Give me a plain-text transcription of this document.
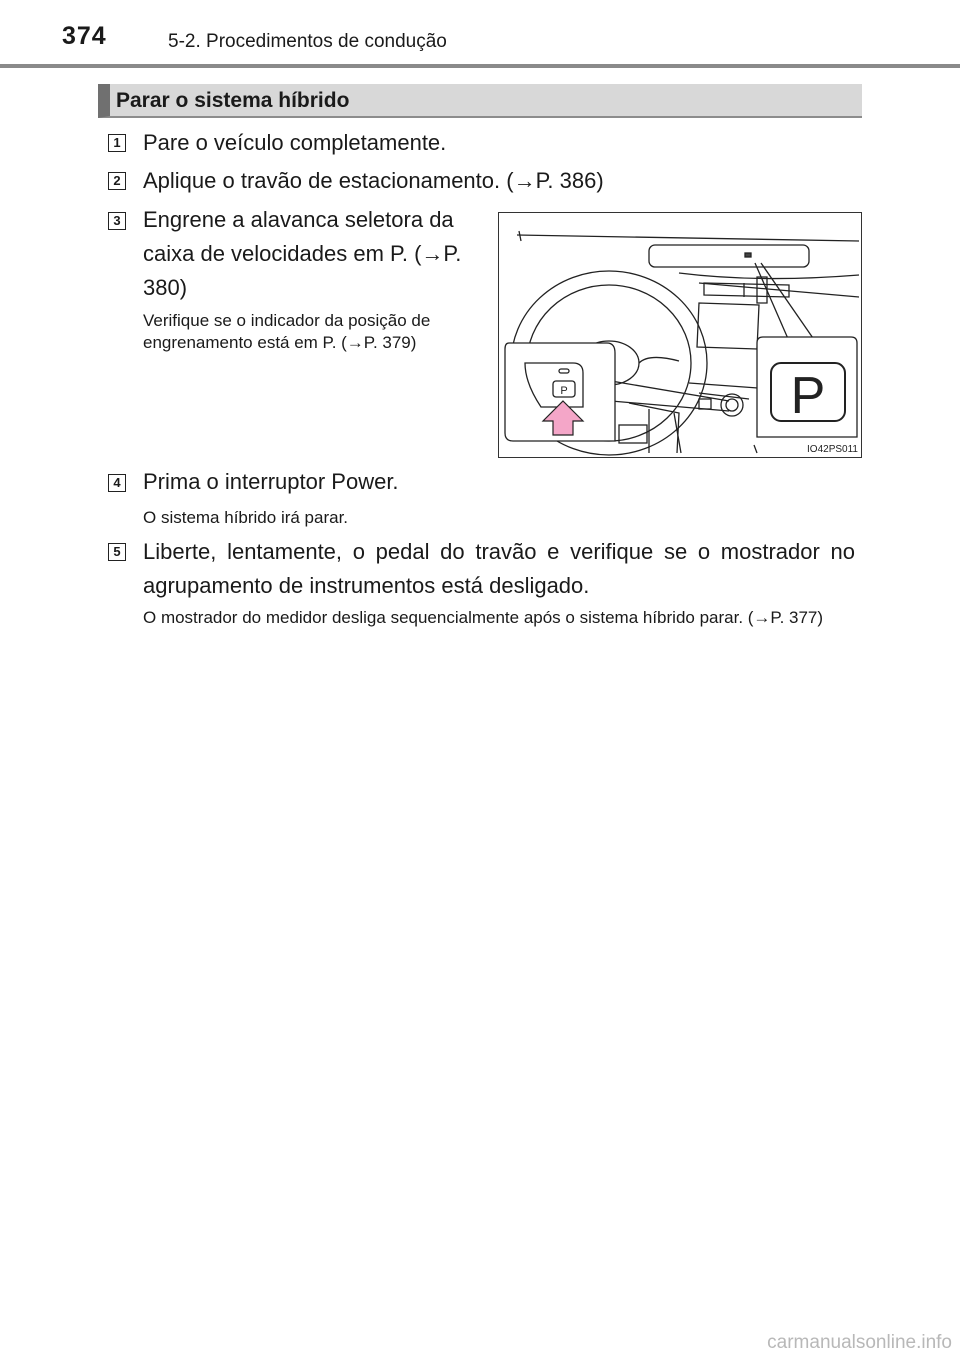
374	5-2. Procedimentos de condução
Parar o sistema híbrido
1 Pare o veículo completamente.
2 Aplique o travão de estacionamento. (→P. 386)
3 Engrene a alavanca seletora da caixa de velocidades em P. (→P. 380)
Verifique se o indicador da posição de engrenamento está em P. (→P. 379)
P	P
IO42PS011
4 Prima o interruptor Power.
O sistema híbrido irá parar.
5 Liberte, lentamente, o pedal do travão e verifique se o mostrador no agrupamento de instrumentos está desligado.
O mostrador do medidor desliga sequencialmente após o sistema híbrido parar. (→P. 377)
carmanualsonline.info
